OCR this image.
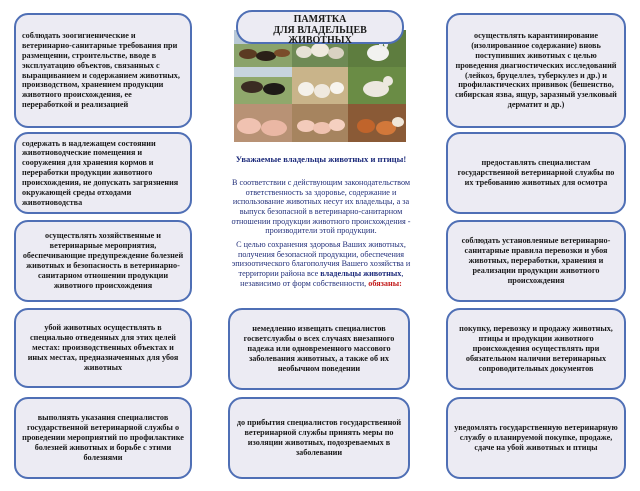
соблюдать зоогигиенические и ветеринарно-санитарные требования при размещении, строительстве, вводе в эксплуатацию объектов, связанных с выращиванием и содержанием животных, производством, хранением продукции животного происхождения, ее переработкой и реализацией

содержать в надлежащем состоянии животноводческие помещения и сооружения для хранения кормов и переработки продукции животного происхождения, не допускать загрязнения окружающей среды отходами животноводства

осуществлять хозяйственные и ветеринарные мероприятия, обеспечивающие предупреждение болезней животных и безопасность в ветеринарно-санитарном отношении продукции животного происхождения

убой животных осуществлять в специально отведенных для этих целей местах: производственных объектах и иных местах, предназначенных для убоя животных

выполнять указания специалистов государственной ветеринарной службы о проведении мероприятий по профилактике болезней животных и борьбе с этими болезнями

ПАМЯТКА
ДЛЯ ВЛАДЕЛЬЦЕВ
ЖИВОТНЫХ
Уважаемые владельцы животных и птицы!
В соответствии с действующим законодательством ответственность за здоровье, содержание и использование животных несут их владельцы, а за выпуск безопасной в ветеринарно-санитарном отношении продукции животного происхождения - производители этой продукции.
С целью сохранения здоровья Ваших животных, получения безопасной продукции, обеспечения эпизоотического благополучия Вашего хозяйства и территории района все владельцы животных, независимо от форм собственности, обязаны:

немедленно извещать специалистов госветслужбы о всех случаях внезапного падежа или одновременного массового заболевания животных, а также об их необычном поведении

до прибытия специалистов государственной ветеринарной службы принять меры по изоляции животных, подозреваемых в заболевании

осуществлять карантинирование (изолированное содержание) вновь поступивших животных с целью проведения диагностических исследований (лейкоз, бруцеллез, туберкулез и др.) и профилактических прививок (бешенство, сибирская язва, ящур, заразный узелковый дерматит и др.)

предоставлять специалистам государственной ветеринарной службы по их требованию животных для осмотра

соблюдать установленные ветеринарно-санитарные правила перевозки и убоя животных, переработки, хранения и реализации продукции животного происхождения

покупку, перевозку и продажу животных, птицы и продукции животного происхождения осуществлять при обязательном наличии ветеринарных сопроводительных документов

уведомлять государственную ветеринарную службу о планируемой покупке, продаже, сдаче на убой животных и птицы
